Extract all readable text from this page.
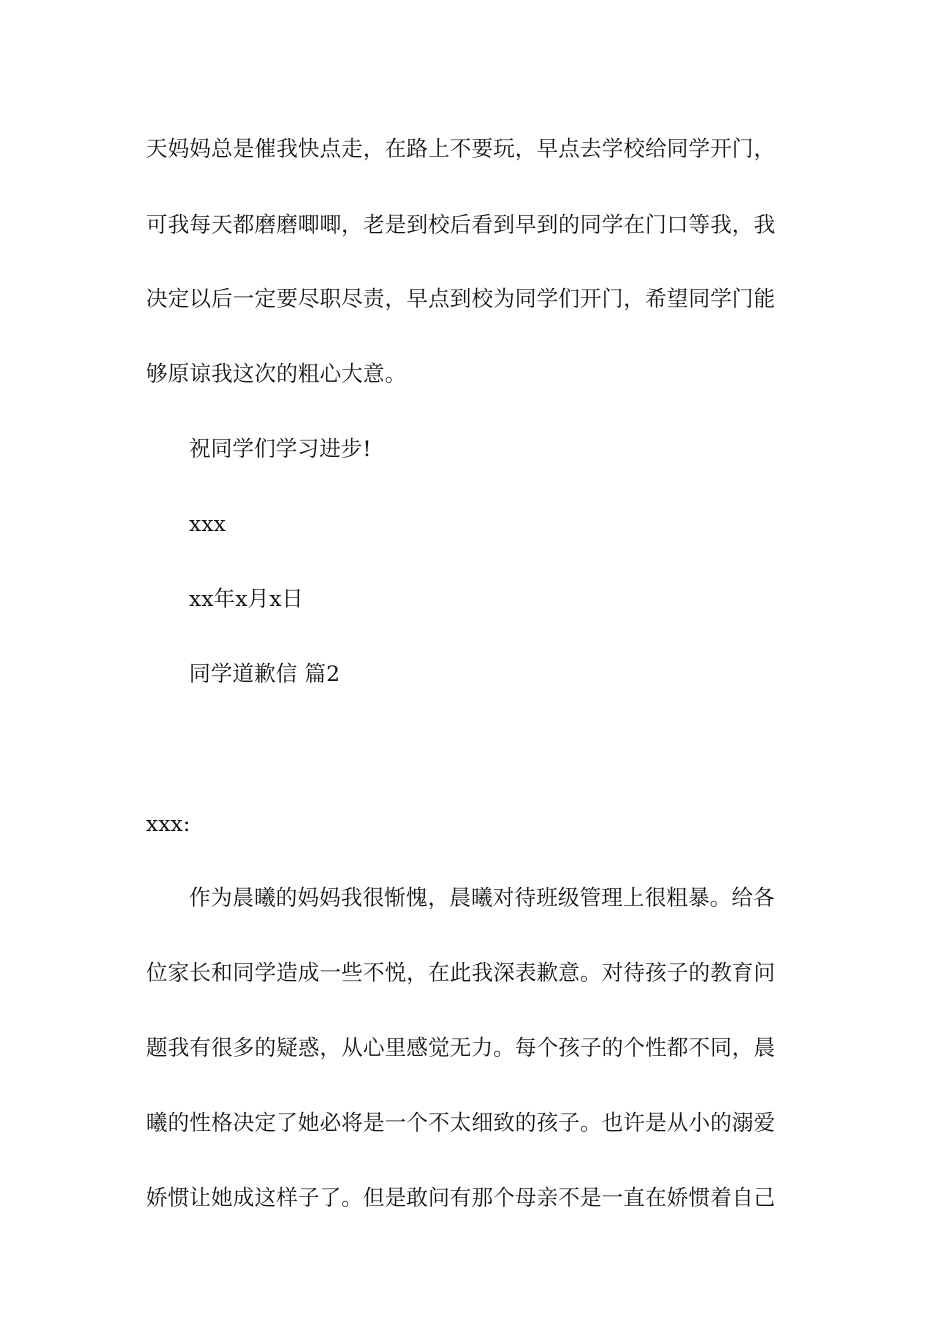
天妈妈总是催我快点走，在路上不要玩，早点去学校给同学开门，
可我每天都磨磨唧唧，老是到校后看到早到的同学在门口等我，我
决定以后一定要尽职尽责，早点到校为同学们开门，希望同学门能
够原谅我这次的粗心大意。
祝同学们学习进步!
xxx
xx年x月x日
同学道歉信 篇2
xxx:
作为晨曦的妈妈我很惭愧，晨曦对待班级管理上很粗暴。给各
位家长和同学造成一些不悦，在此我深表歉意。对待孩子的教育问
题我有很多的疑惑，从心里感觉无力。每个孩子的个性都不同，晨
曦的性格决定了她必将是一个不太细致的孩子。也许是从小的溺爱
娇惯让她成这样子了。但是敢问有那个母亲不是一直在娇惯着自己
